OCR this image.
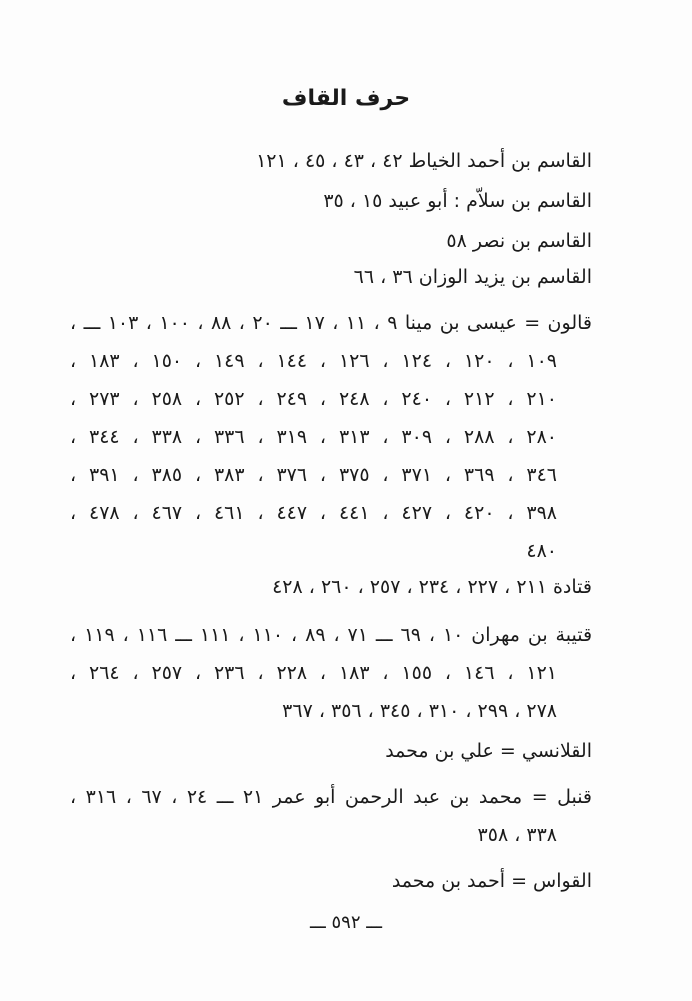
حرف القاف
القاسم بن أحمد الخياط ٤٢ ، ٤٣ ، ٤٥ ، ١٢١
القاسم بن سلاّم : أبو عبيد ١٥ ، ٣٥
القاسم بن نصر ٥٨
القاسم بن يزيد الوزان ٣٦ ، ٦٦
قالون = عيسى بن مينا ٩ ، ١١ ، ١٧ ـــ ٢٠ ، ٨٨ ، ١٠٠ ، ١٠٣ ـــ ،
١٠٩ ، ١٢٠ ، ١٢٤ ، ١٢٦ ، ١٤٤ ، ١٤٩ ، ١٥٠ ، ١٨٣ ،
٢١٠ ، ٢١٢ ، ٢٤٠ ، ٢٤٨ ، ٢٤٩ ، ٢٥٢ ، ٢٥٨ ، ٢٧٣ ،
٢٨٠ ، ٢٨٨ ، ٣٠٩ ، ٣١٣ ، ٣١٩ ، ٣٣٦ ، ٣٣٨ ، ٣٤٤ ،
٣٤٦ ، ٣٦٩ ، ٣٧١ ، ٣٧٥ ، ٣٧٦ ، ٣٨٣ ، ٣٨٥ ، ٣٩١ ،
٣٩٨ ، ٤٢٠ ، ٤٢٧ ، ٤٤١ ، ٤٤٧ ، ٤٦١ ، ٤٦٧ ، ٤٧٨ ،
٤٨٠
قتادة ٢١١ ، ٢٢٧ ، ٢٣٤ ، ٢٥٧ ، ٢٦٠ ، ٤٢٨
قتيبة بن مهران ١٠ ، ٦٩ ـــ ٧١ ، ٨٩ ، ١١٠ ، ١١١ ـــ ١١٦ ، ١١٩ ،
١٢١ ، ١٤٦ ، ١٥٥ ، ١٨٣ ، ٢٢٨ ، ٢٣٦ ، ٢٥٧ ، ٢٦٤ ،
٢٧٨ ، ٢٩٩ ، ٣١٠ ، ٣٤٥ ، ٣٥٦ ، ٣٦٧
القلانسي = علي بن محمد
قنبل = محمد بن عبد الرحمن أبو عمر ٢١ ـــ ٢٤ ، ٦٧ ، ٣١٦ ،
٣٣٨ ، ٣٥٨
القواس = أحمد بن محمد
ـــ ٥٩٢ ـــ
